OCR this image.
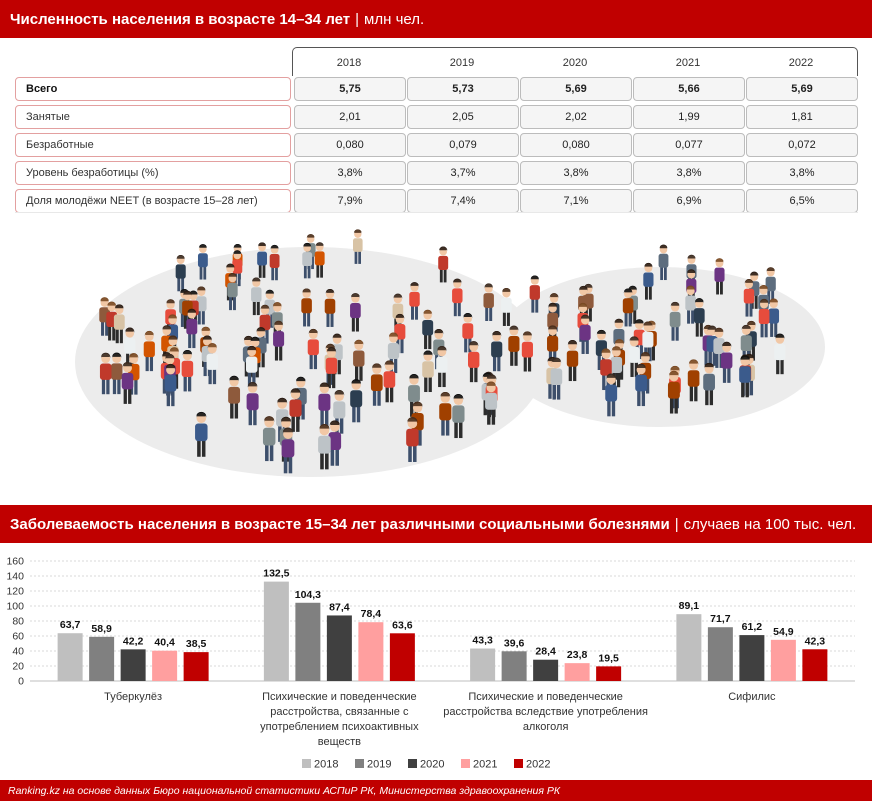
Численность населения в возрасте 14–34 лет | млн чел.
2018	2019	2020	2021	2022
Всего	5,75	5,73	5,69	5,66	5,69
Занятые	2,01	2,05	2,02	1,99	1,81
Безработные	0,080	0,079	0,080	0,077	0,072
Уровень безработицы (%)	3,8%	3,7%	3,8%	3,8%	3,8%
Доля молодёжи NEET (в возрасте 15–28 лет)	7,9%	7,4%	7,1%	6,9%	6,5%
Заболеваемость населения в возрасте 15–34 лет различными социальными болезнями | случаев на 100 тыс. чел.
0
20
40
60
80
100
120
140
160
63,7 58,9
42,2 40,4 38,5
Туберкулёз
132,5
104,3
87,4
78,4
63,6
Психические и поведенческие
расстройства, связанные с
употреблением психоактивных
веществ
43,3 39,6
28,4 23,8 19,5
Психические и поведенческие
расстройства вследствие употребления
алкоголя
89,1
71,7
61,2 54,9
42,3
Сифилис
2018	2019	2020	2021	2022
Ranking.kz на основе данных Бюро национальной статистики АСПиР РК, Министерства здравоохранения РК
